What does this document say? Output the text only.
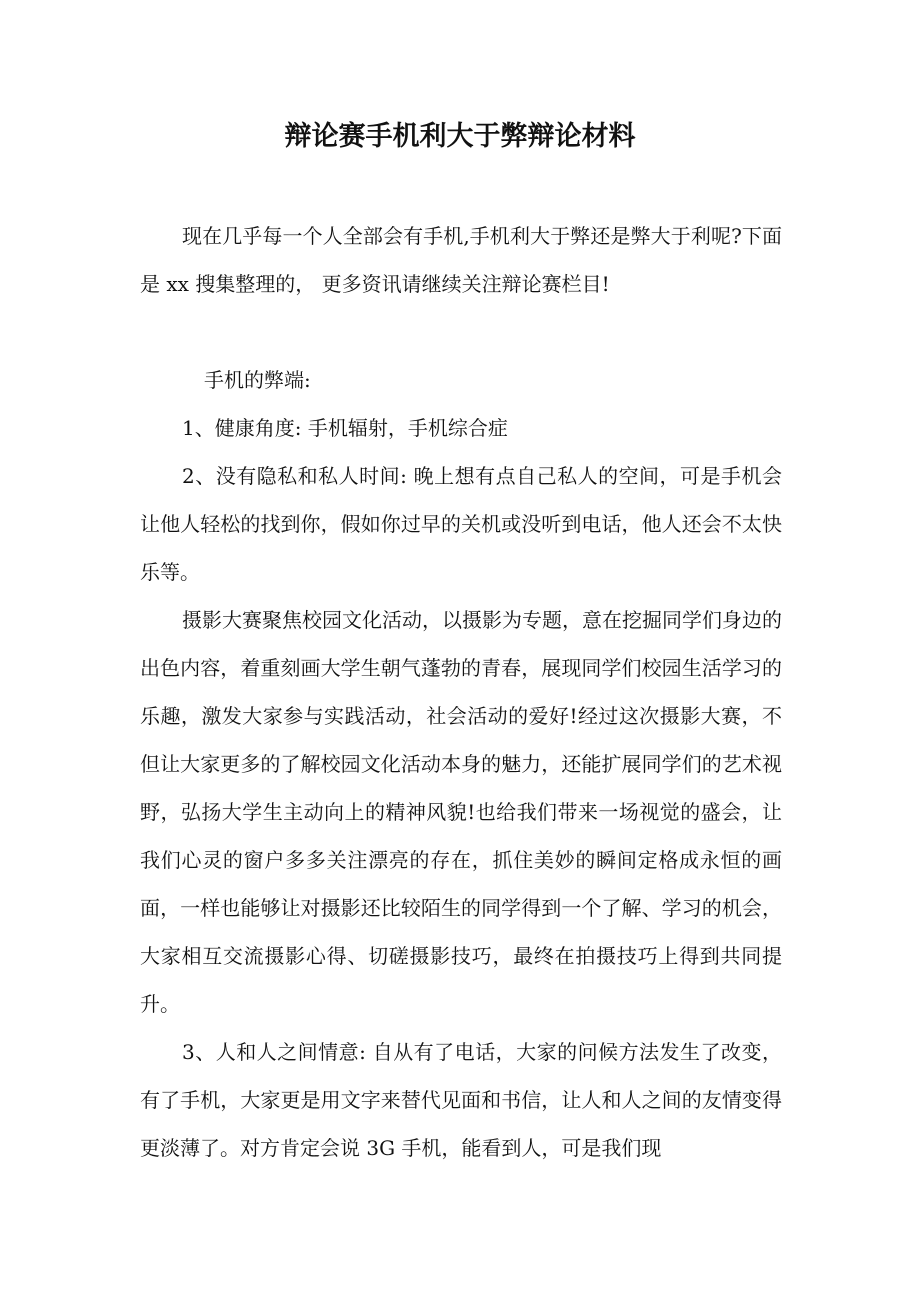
辩论赛手机利大于弊辩论材料

现在几乎每一个人全部会有手机,手机利大于弊还是弊大于利呢?下面是 xx 搜集整理的， 更多资讯请继续关注辩论赛栏目!

手机的弊端:

1、健康角度: 手机辐射，手机综合症

2、没有隐私和私人时间: 晚上想有点自己私人的空间，可是手机会让他人轻松的找到你，假如你过早的关机或没听到电话，他人还会不太快乐等。

摄影大赛聚焦校园文化活动，以摄影为专题，意在挖掘同学们身边的出色内容，着重刻画大学生朝气蓬勃的青春，展现同学们校园生活学习的乐趣，激发大家参与实践活动，社会活动的爱好!经过这次摄影大赛，不但让大家更多的了解校园文化活动本身的魅力，还能扩展同学们的艺术视野，弘扬大学生主动向上的精神风貌!也给我们带来一场视觉的盛会，让我们心灵的窗户多多关注漂亮的存在，抓住美妙的瞬间定格成永恒的画面，一样也能够让对摄影还比较陌生的同学得到一个了解、学习的机会，大家相互交流摄影心得、切磋摄影技巧，最终在拍摄技巧上得到共同提升。

3、人和人之间情意: 自从有了电话，大家的问候方法发生了改变，有了手机，大家更是用文字来替代见面和书信，让人和人之间的友情变得更淡薄了。对方肯定会说 3G 手机，能看到人，可是我们现
